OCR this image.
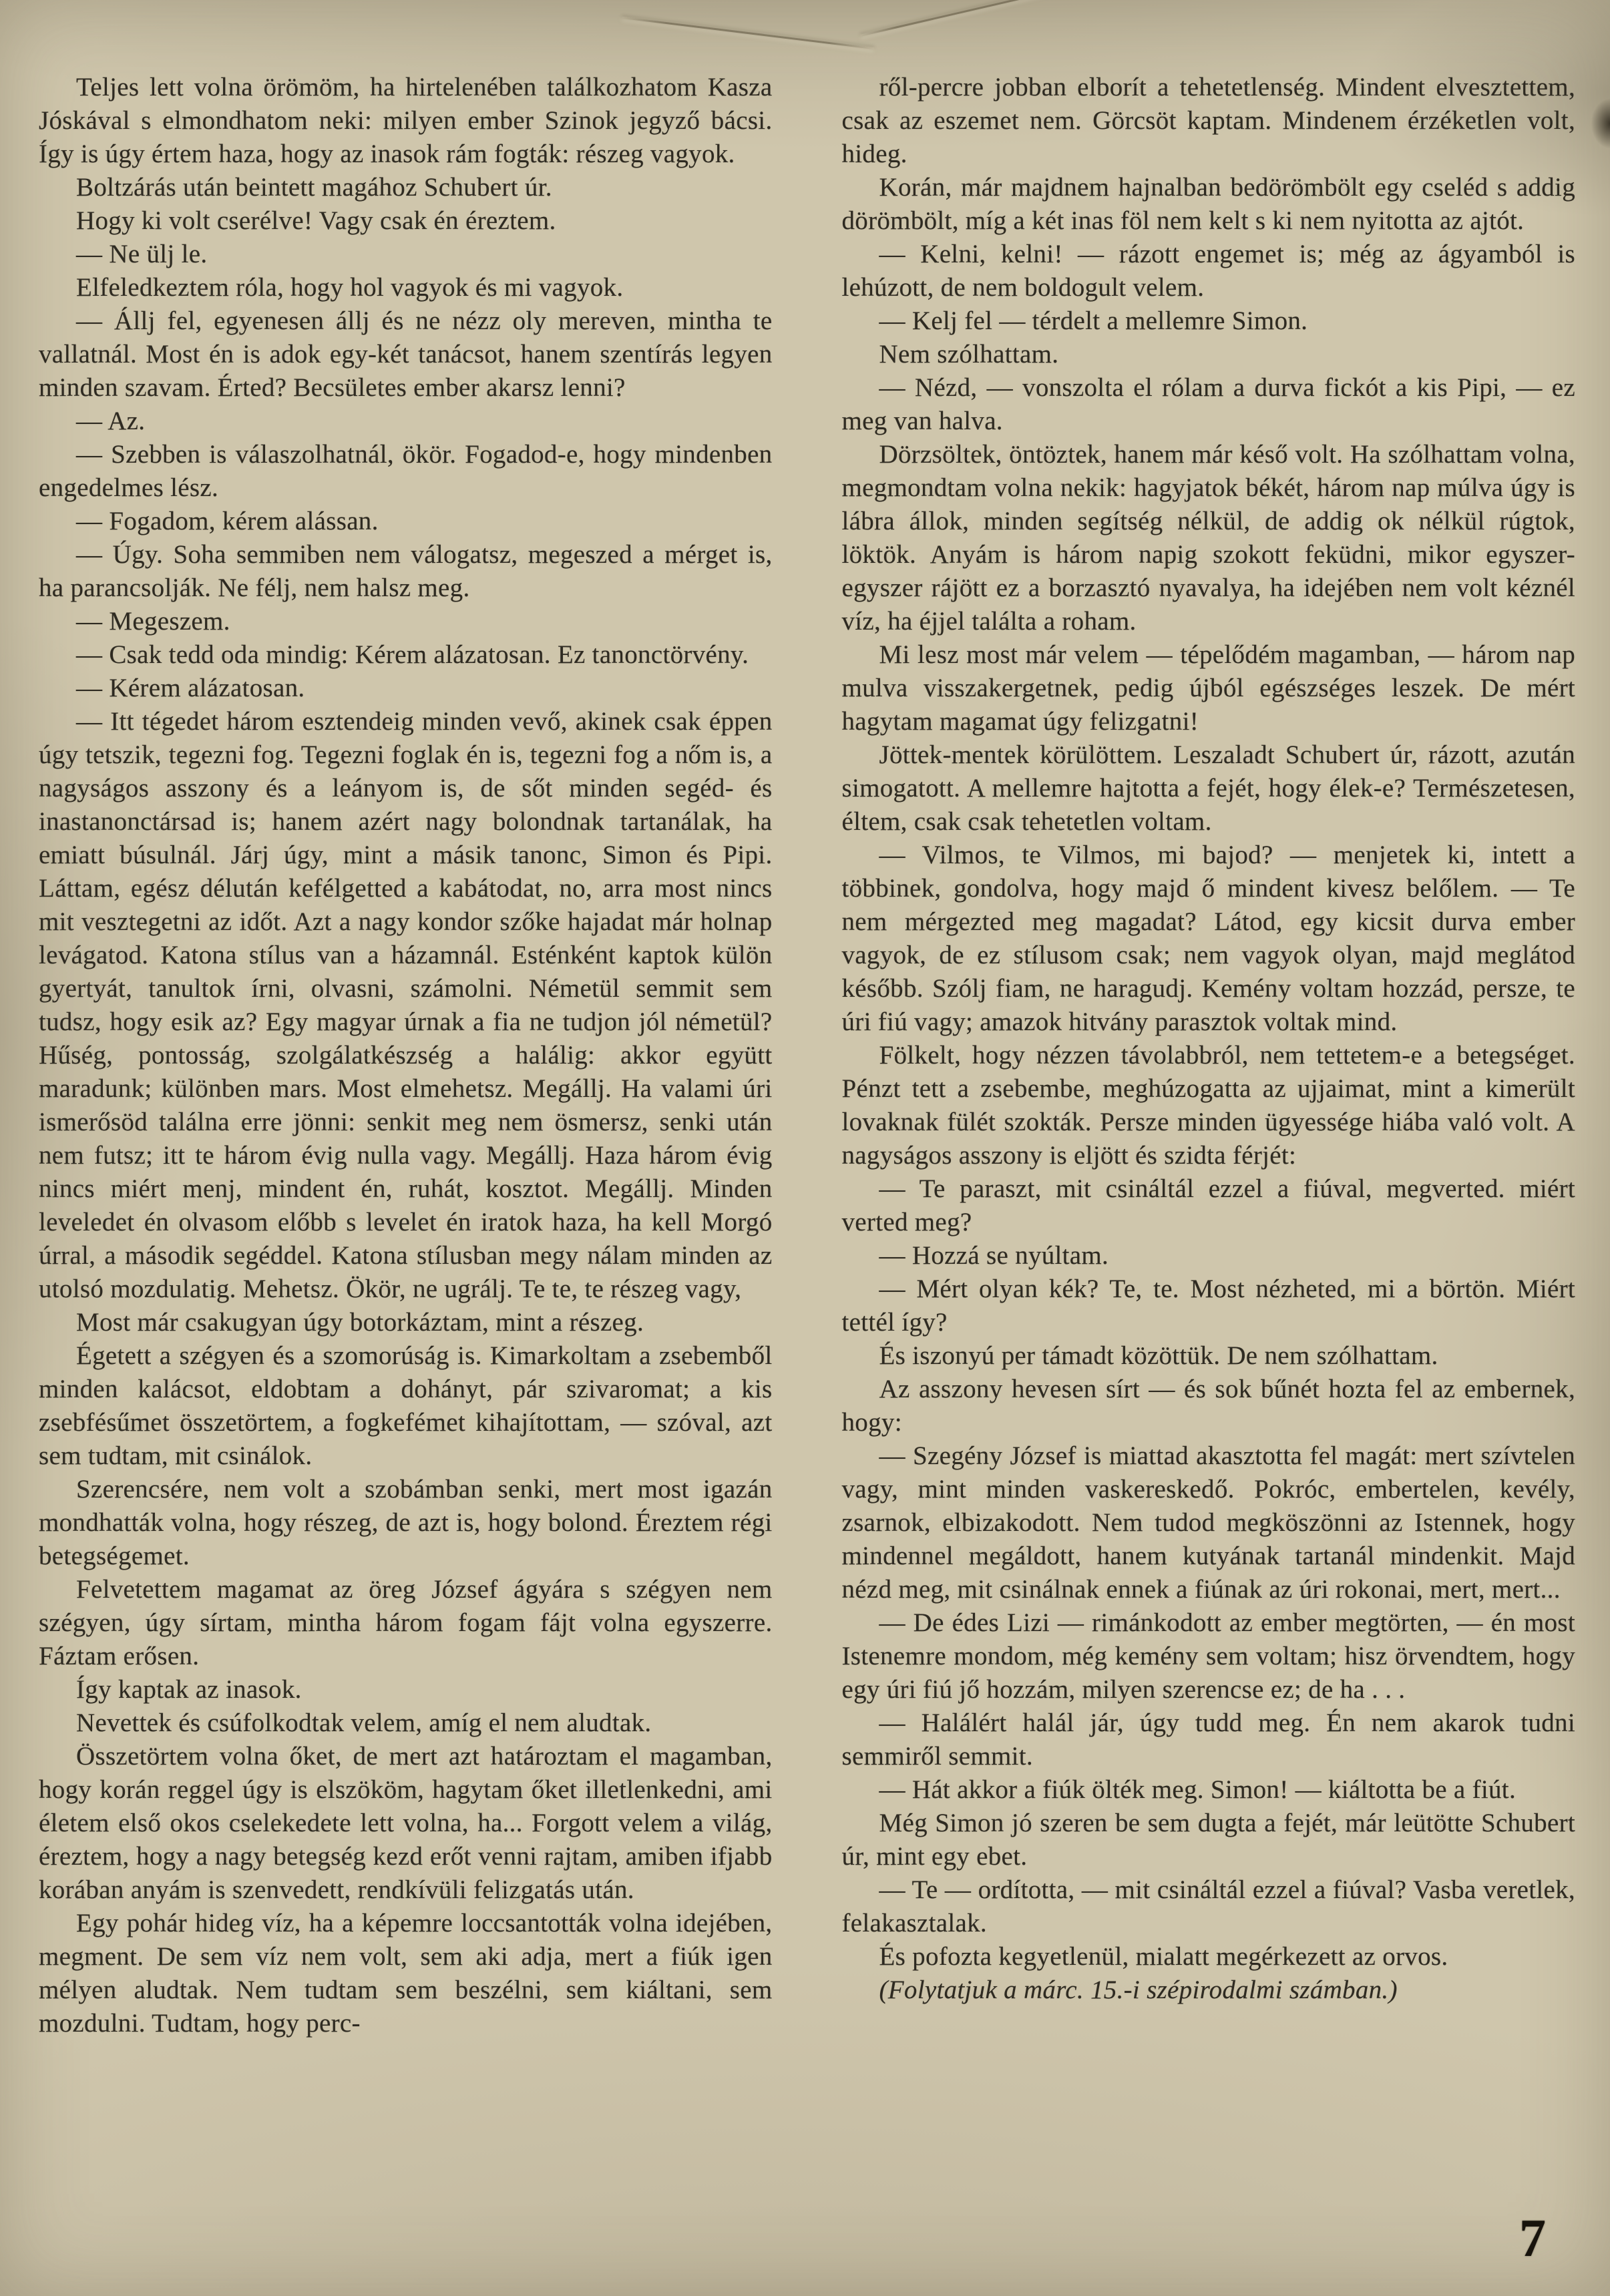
Teljes lett volna örömöm, ha hirtelenében találkozhatom Kasza Jóskával s elmondhatom neki: milyen ember Szinok jegyző bácsi. Így is úgy értem haza, hogy az inasok rám fogták: részeg vagyok.

Boltzárás után beintett magához Schubert úr.

Hogy ki volt cserélve! Vagy csak én éreztem.

— Ne ülj le.

Elfeledkeztem róla, hogy hol vagyok és mi vagyok.

— Állj fel, egyenesen állj és ne nézz oly mereven, mintha te vallatnál. Most én is adok egy-két tanácsot, hanem szentírás legyen minden szavam. Érted? Becsületes ember akarsz lenni?

— Az.

— Szebben is válaszolhatnál, ökör. Fogadod-e, hogy mindenben engedelmes lész.

— Fogadom, kérem alássan.

— Úgy. Soha semmiben nem válogatsz, megeszed a mérget is, ha parancsolják. Ne félj, nem halsz meg.

— Megeszem.

— Csak tedd oda mindig: Kérem alázatosan. Ez tanonctörvény.

— Kérem alázatosan.

— Itt tégedet három esztendeig minden vevő, akinek csak éppen úgy tetszik, tegezni fog. Tegezni foglak én is, tegezni fog a nőm is, a nagyságos asszony és a leányom is, de sőt minden segéd- és inastanonctársad is; hanem azért nagy bolondnak tartanálak, ha emiatt búsulnál. Járj úgy, mint a másik tanonc, Simon és Pipi. Láttam, egész délután kefélgetted a kabátodat, no, arra most nincs mit vesztegetni az időt. Azt a nagy kondor szőke hajadat már holnap levágatod. Katona stílus van a házamnál. Esténként kaptok külön gyertyát, tanultok írni, olvasni, számolni. Németül semmit sem tudsz, hogy esik az? Egy magyar úrnak a fia ne tudjon jól németül? Hűség, pontosság, szolgálatkészség a halálig: akkor együtt maradunk; különben mars. Most elmehetsz. Megállj. Ha valami úri ismerősöd találna erre jönni: senkit meg nem ösmersz, senki után nem futsz; itt te három évig nulla vagy. Megállj. Haza három évig nincs miért menj, mindent én, ruhát, kosztot. Megállj. Minden leveledet én olvasom előbb s levelet én iratok haza, ha kell Morgó úrral, a második segéddel. Katona stílusban megy nálam minden az utolsó mozdulatig. Mehetsz. Ökör, ne ugrálj. Te te, te részeg vagy,

Most már csakugyan úgy botorkáztam, mint a részeg.

Égetett a szégyen és a szomorúság is. Kimarkoltam a zsebemből minden kalácsot, eldobtam a dohányt, pár szivaromat; a kis zsebfésűmet összetörtem, a fogkefémet kihajítottam, — szóval, azt sem tudtam, mit csinálok.

Szerencsére, nem volt a szobámban senki, mert most igazán mondhatták volna, hogy részeg, de azt is, hogy bolond. Éreztem régi betegségemet.

Felvetettem magamat az öreg József ágyára s szégyen nem szégyen, úgy sírtam, mintha három fogam fájt volna egyszerre. Fáztam erősen.

Így kaptak az inasok.

Nevettek és csúfolkodtak velem, amíg el nem aludtak.

Összetörtem volna őket, de mert azt határoztam el magamban, hogy korán reggel úgy is elszököm, hagytam őket illetlenkedni, ami életem első okos cselekedete lett volna, ha... Forgott velem a világ, éreztem, hogy a nagy betegség kezd erőt venni rajtam, amiben ifjabb korában anyám is szenvedett, rendkívüli felizgatás után.

Egy pohár hideg víz, ha a képemre loccsantották volna idejében, megment. De sem víz nem volt, sem aki adja, mert a fiúk igen mélyen aludtak. Nem tudtam sem beszélni, sem kiáltani, sem mozdulni. Tudtam, hogy perc-

ről-percre jobban elborít a tehetetlenség. Mindent elvesztettem, csak az eszemet nem. Görcsöt kaptam. Mindenem érzéketlen volt, hideg.

Korán, már majdnem hajnalban bedörömbölt egy cseléd s addig dörömbölt, míg a két inas föl nem kelt s ki nem nyitotta az ajtót.

— Kelni, kelni! — rázott engemet is; még az ágyamból is lehúzott, de nem boldogult velem.

— Kelj fel — térdelt a mellemre Simon.

Nem szólhattam.

— Nézd, — vonszolta el rólam a durva fickót a kis Pipi, — ez meg van halva.

Dörzsöltek, öntöztek, hanem már késő volt. Ha szólhattam volna, megmondtam volna nekik: hagyjatok békét, három nap múlva úgy is lábra állok, minden segítség nélkül, de addig ok nélkül rúgtok, löktök. Anyám is három napig szokott feküdni, mikor egyszer-egyszer rájött ez a borzasztó nyavalya, ha idejében nem volt kéznél víz, ha éjjel találta a roham.

Mi lesz most már velem — tépelődém magamban, — három nap mulva visszakergetnek, pedig újból egészséges leszek. De mért hagytam magamat úgy felizgatni!

Jöttek-mentek körülöttem. Leszaladt Schubert úr, rázott, azután simogatott. A mellemre hajtotta a fejét, hogy élek-e? Természetesen, éltem, csak csak tehetetlen voltam.

— Vilmos, te Vilmos, mi bajod? — menjetek ki, intett a többinek, gondolva, hogy majd ő mindent kivesz belőlem. — Te nem mérgezted meg magadat? Látod, egy kicsit durva ember vagyok, de ez stílusom csak; nem vagyok olyan, majd meglátod később. Szólj fiam, ne haragudj. Kemény voltam hozzád, persze, te úri fiú vagy; amazok hitvány parasztok voltak mind.

Fölkelt, hogy nézzen távolabbról, nem tettetem-e a betegséget. Pénzt tett a zsebembe, meghúzogatta az ujjaimat, mint a kimerült lovaknak fülét szokták. Persze minden ügyessége hiába való volt. A nagyságos asszony is eljött és szidta férjét:

— Te paraszt, mit csináltál ezzel a fiúval, megverted. miért verted meg?

— Hozzá se nyúltam.

— Mért olyan kék? Te, te. Most nézheted, mi a börtön. Miért tettél így?

És iszonyú per támadt közöttük. De nem szólhattam.

Az asszony hevesen sírt — és sok bűnét hozta fel az embernek, hogy:

— Szegény József is miattad akasztotta fel magát: mert szívtelen vagy, mint minden vaskereskedő. Pokróc, embertelen, kevély, zsarnok, elbizakodott. Nem tudod megköszönni az Istennek, hogy mindennel megáldott, hanem kutyának tartanál mindenkit. Majd nézd meg, mit csinálnak ennek a fiúnak az úri rokonai, mert, mert...

— De édes Lizi — rimánkodott az ember megtörten, — én most Istenemre mondom, még kemény sem voltam; hisz örvendtem, hogy egy úri fiú jő hozzám, milyen szerencse ez; de ha . . .

— Halálért halál jár, úgy tudd meg. Én nem akarok tudni semmiről semmit.

— Hát akkor a fiúk ölték meg. Simon! — kiáltotta be a fiút.

Még Simon jó szeren be sem dugta a fejét, már leütötte Schubert úr, mint egy ebet.

— Te — ordította, — mit csináltál ezzel a fiúval? Vasba veretlek, felakasztalak.

És pofozta kegyetlenül, mialatt megérkezett az orvos.

(Folytatjuk a márc. 15.-i szépirodalmi számban.)

7
